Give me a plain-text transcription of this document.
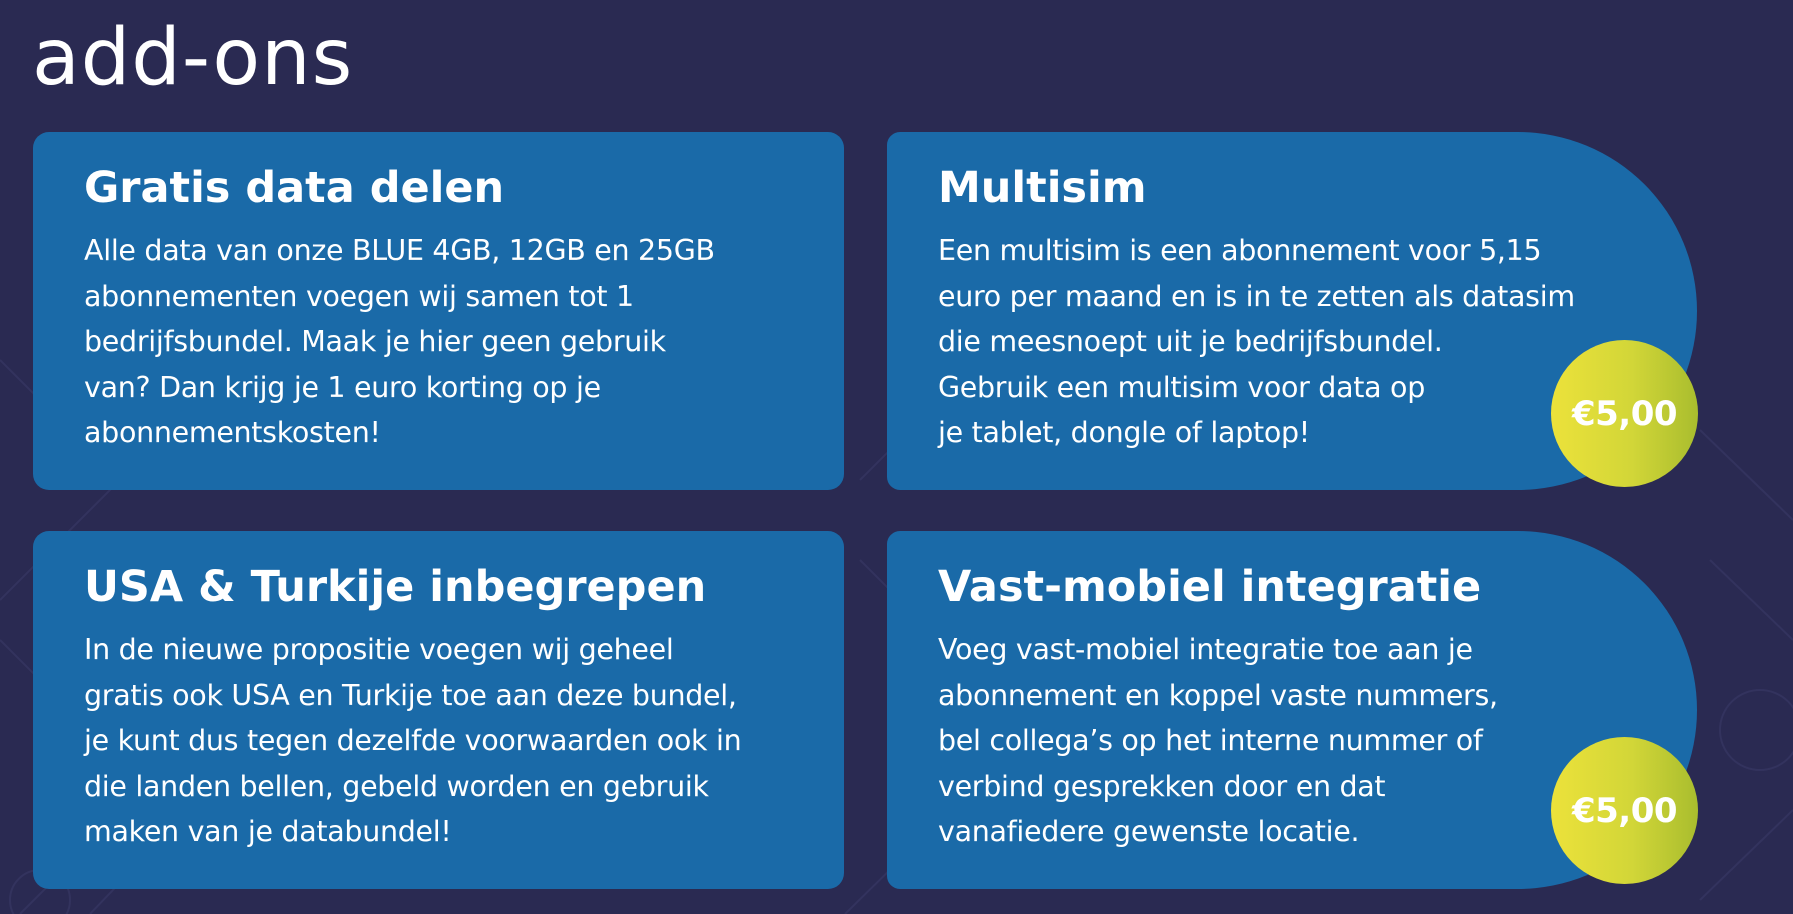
add-ons
Gratis data delen

Alle data van onze BLUE 4GB, 12GB en 25GB
abonnementen voegen wij samen tot 1
bedrijfsbundel. Maak je hier geen gebruik
van? Dan krijg je 1 euro korting op je
abonnementskosten!

Multisim

Een multisim is een abonnement voor 5,15
euro per maand en is in te zetten als datasim
die meesnoept uit je bedrijfsbundel.
Gebruik een multisim voor data op
je tablet, dongle of laptop!

USA & Turkije inbegrepen

In de nieuwe propositie voegen wij geheel
gratis ook USA en Turkije toe aan deze bundel,
je kunt dus tegen dezelfde voorwaarden ook in
die landen bellen, gebeld worden en gebruik
maken van je databundel!

Vast-mobiel integratie

Voeg vast-mobiel integratie toe aan je
abonnement en koppel vaste nummers,
bel collega’s op het interne nummer of
verbind gesprekken door en dat
vanafiedere gewenste locatie.

€5,00
€5,00
